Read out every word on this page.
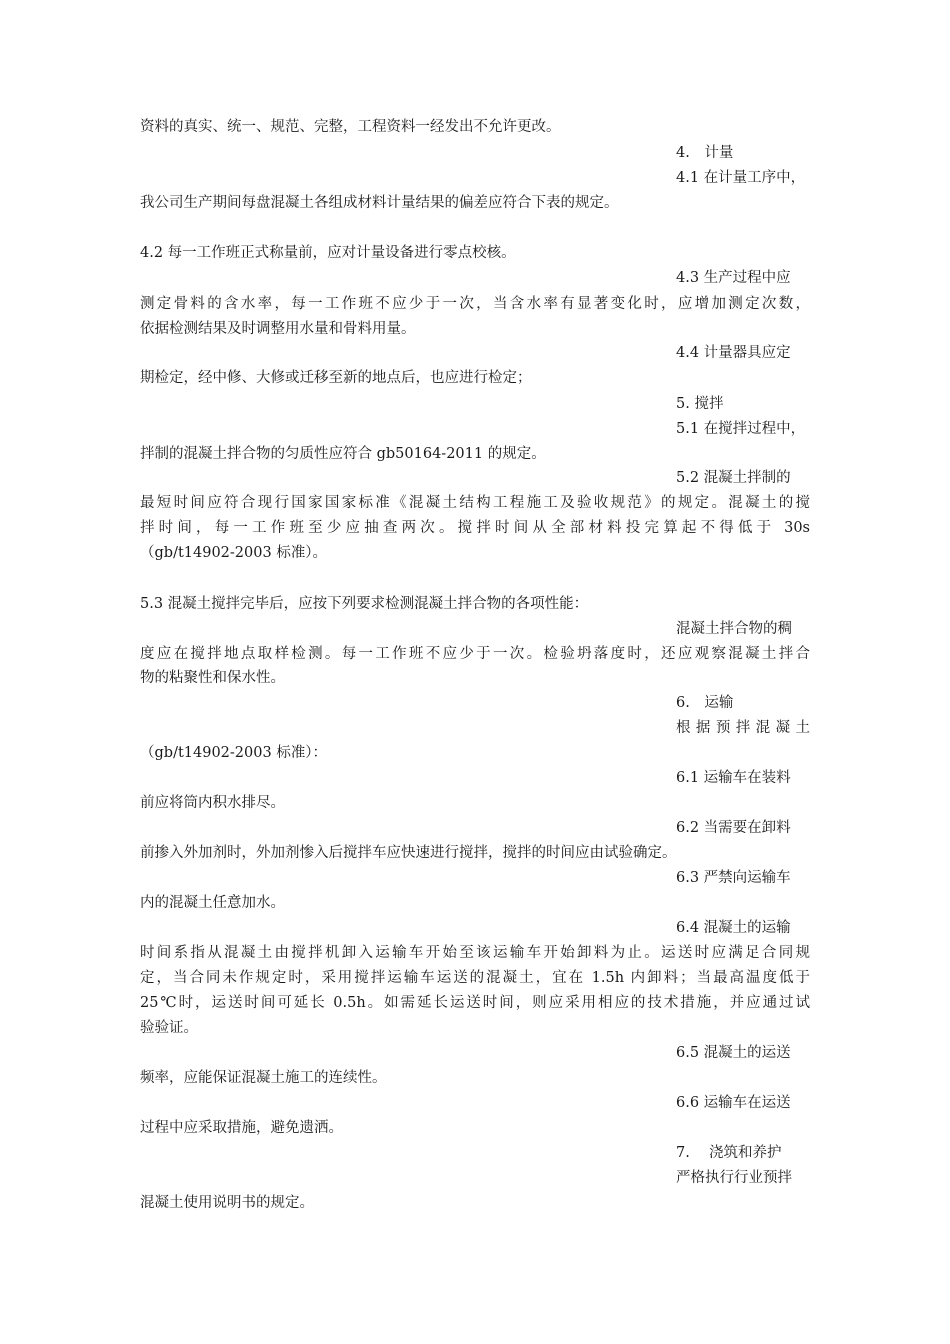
资料的真实、统一、规范、完整，工程资料一经发出不允许更改。
4.　计量
4.1 在计量工序中，
我公司生产期间每盘混凝土各组成材料计量结果的偏差应符合下表的规定。
4.2 每一工作班正式称量前，应对计量设备进行零点校核。
4.3 生产过程中应
测定骨料的含水率，每一工作班不应少于一次，当含水率有显著变化时，应增加测定次数，
依据检测结果及时调整用水量和骨料用量。
4.4 计量器具应定
期检定，经中修、大修或迁移至新的地点后，也应进行检定；
5. 搅拌
5.1 在搅拌过程中，
拌制的混凝土拌合物的匀质性应符合 gb50164-2011 的规定。
5.2 混凝土拌制的
最短时间应符合现行国家国家标准《混凝土结构工程施工及验收规范》的规定。混凝土的搅
拌时间，每一工作班至少应抽查两次。搅拌时间从全部材料投完算起不得低于 30s
（gb/t14902-2003 标准）。
5.3 混凝土搅拌完毕后，应按下列要求检测混凝土拌合物的各项性能：
混凝土拌合物的稠
度应在搅拌地点取样检测。每一工作班不应少于一次。检验坍落度时，还应观察混凝土拌合
物的粘聚性和保水性。
6.　运输
根据预拌混凝土
（gb/t14902-2003 标准）：
6.1 运输车在装料
前应将筒内积水排尽。
6.2 当需要在卸料
前掺入外加剂时，外加剂惨入后搅拌车应快速进行搅拌，搅拌的时间应由试验确定。
6.3 严禁向运输车
内的混凝土任意加水。
6.4 混凝土的运输
时间系指从混凝土由搅拌机卸入运输车开始至该运输车开始卸料为止。运送时应满足合同规
定，当合同未作规定时，采用搅拌运输车运送的混凝土，宜在 1.5h 内卸料；当最高温度低于
25℃时，运送时间可延长 0.5h。如需延长运送时间，则应采用相应的技术措施，并应通过试
验验证。
6.5 混凝土的运送
频率，应能保证混凝土施工的连续性。
6.6 运输车在运送
过程中应采取措施，避免遗洒。
7.　 浇筑和养护
严格执行行业预拌
混凝土使用说明书的规定。
